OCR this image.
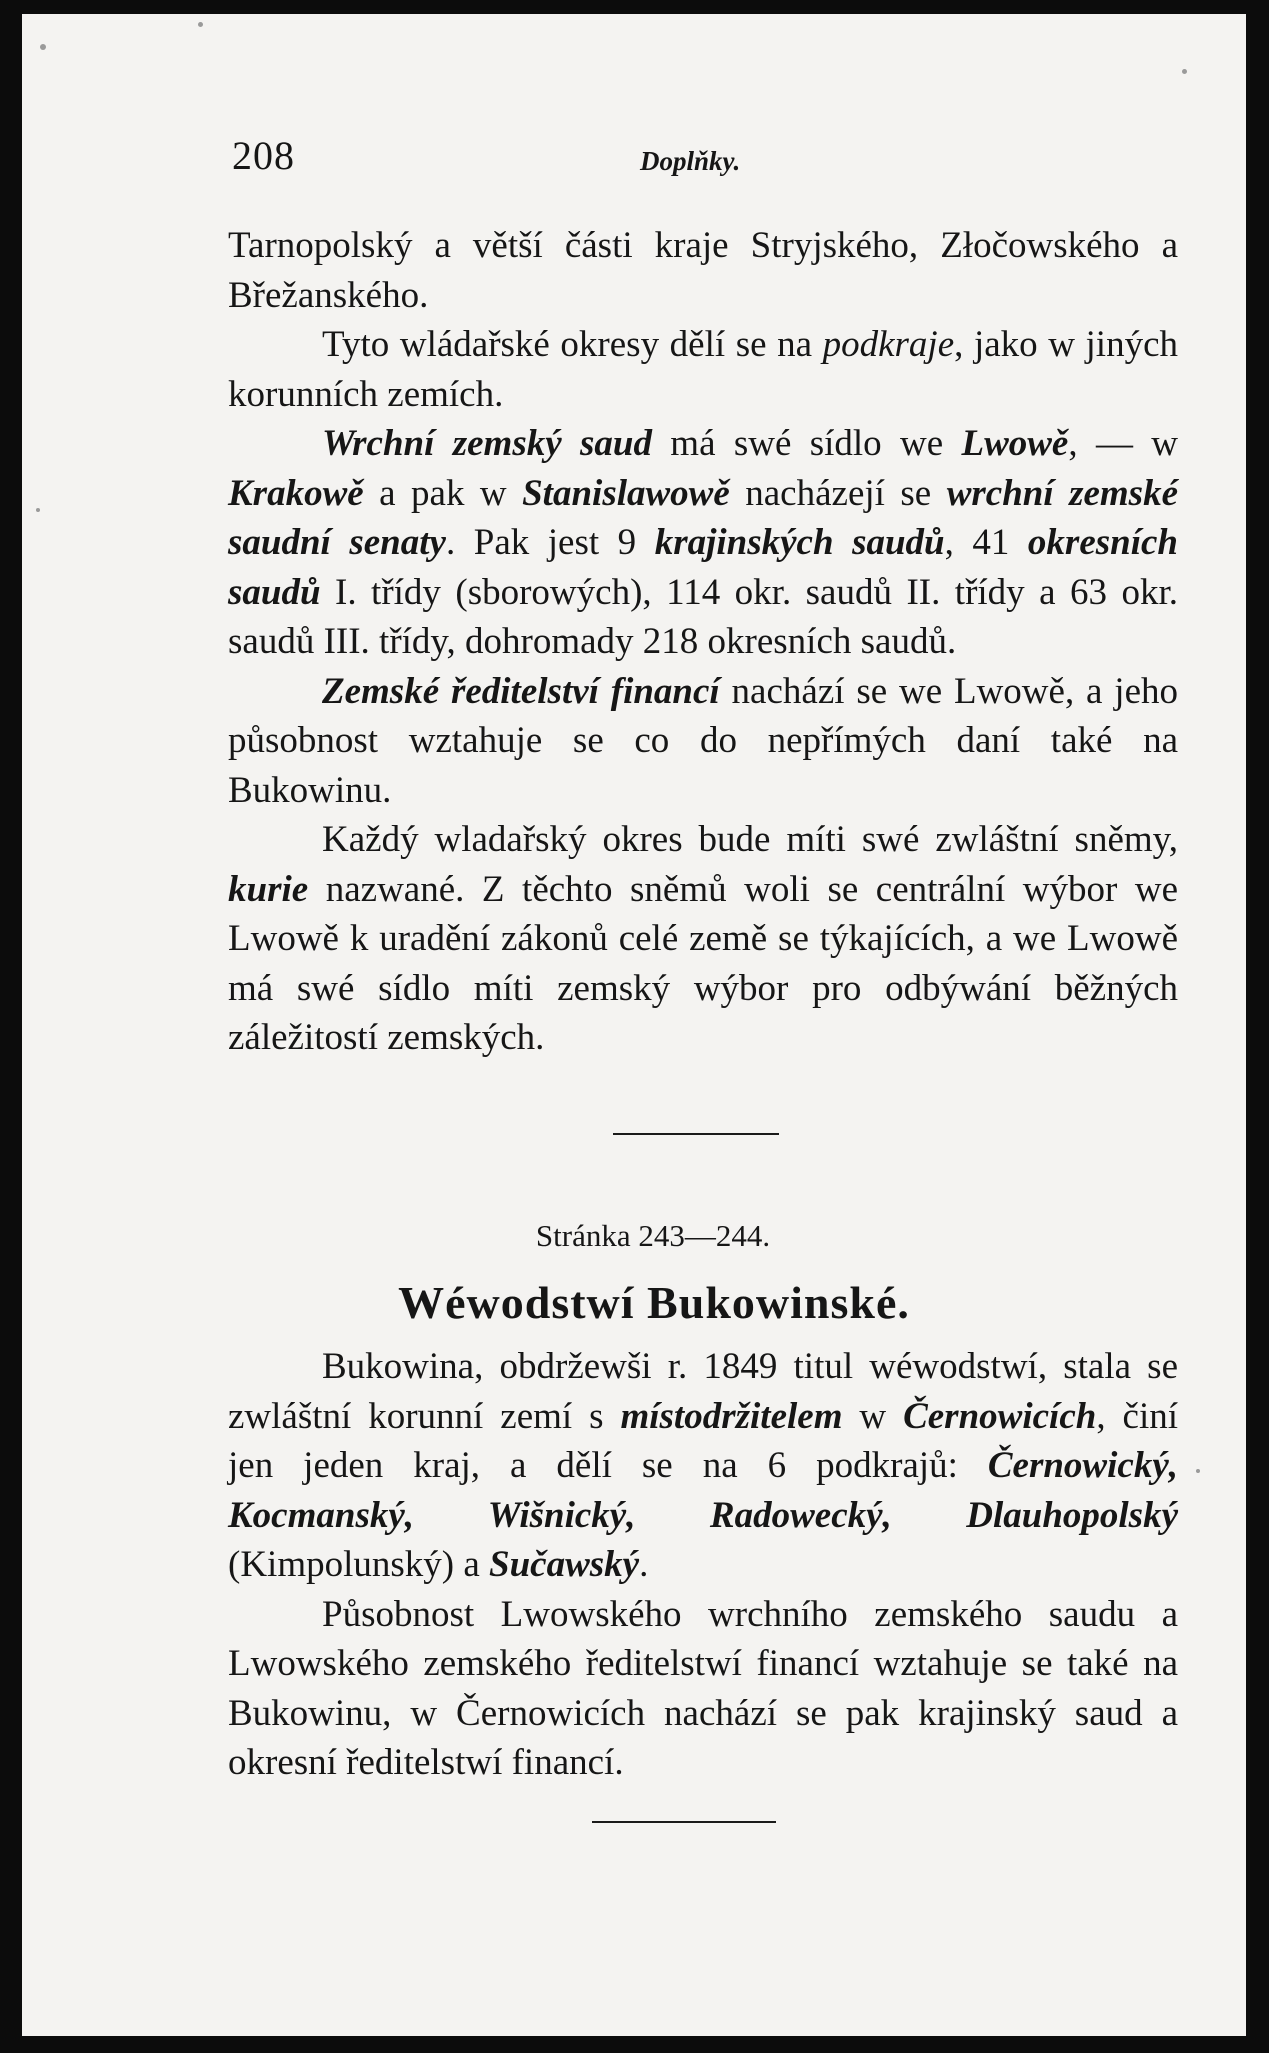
208	Doplňky.

Tarnopolský a větší části kraje Stryjského, Złočowského a Břežanského.

Tyto wládařské okresy dělí se na podkraje, jako w jiných korunních zemích.

Wrchní zemský saud má swé sídlo we Lwowě, — w Krakowě a pak w Stanislawowě nacházejí se wrchní zemské saudní senaty. Pak jest 9 krajinských saudů, 41 okresních saudů I. třídy (sborowých), 114 okr. saudů II. třídy a 63 okr. saudů III. třídy, dohromady 218 okresních saudů.

Zemské ředitelství financí nachází se we Lwowě, a jeho působnost wztahuje se co do nepřímých daní také na Bukowinu.

Každý wladařský okres bude míti swé zwláštní sněmy, kurie nazwané. Z těchto sněmů woli se centrální wýbor we Lwowě k uradění zákonů celé země se týkajících, a we Lwowě má swé sídlo míti zemský wýbor pro odbýwání běžných záležitostí zemských.

Stránka 243—244.
Wéwodstwí Bukowinské.

Bukowina, obdržewši r. 1849 titul wéwodstwí, stala se zwláštní korunní zemí s místodržitelem w Černowicích, činí jen jeden kraj, a dělí se na 6 podkrajů: Černowický, Kocmanský, Wišnický, Radowecký, Dlauhopolský (Kimpolunský) a Sučawský.

Působnost Lwowského wrchního zemského saudu a Lwowského zemského ředitelstwí financí wztahuje se také na Bukowinu, w Černowicích nachází se pak krajinský saud a okresní ředitelstwí financí.
